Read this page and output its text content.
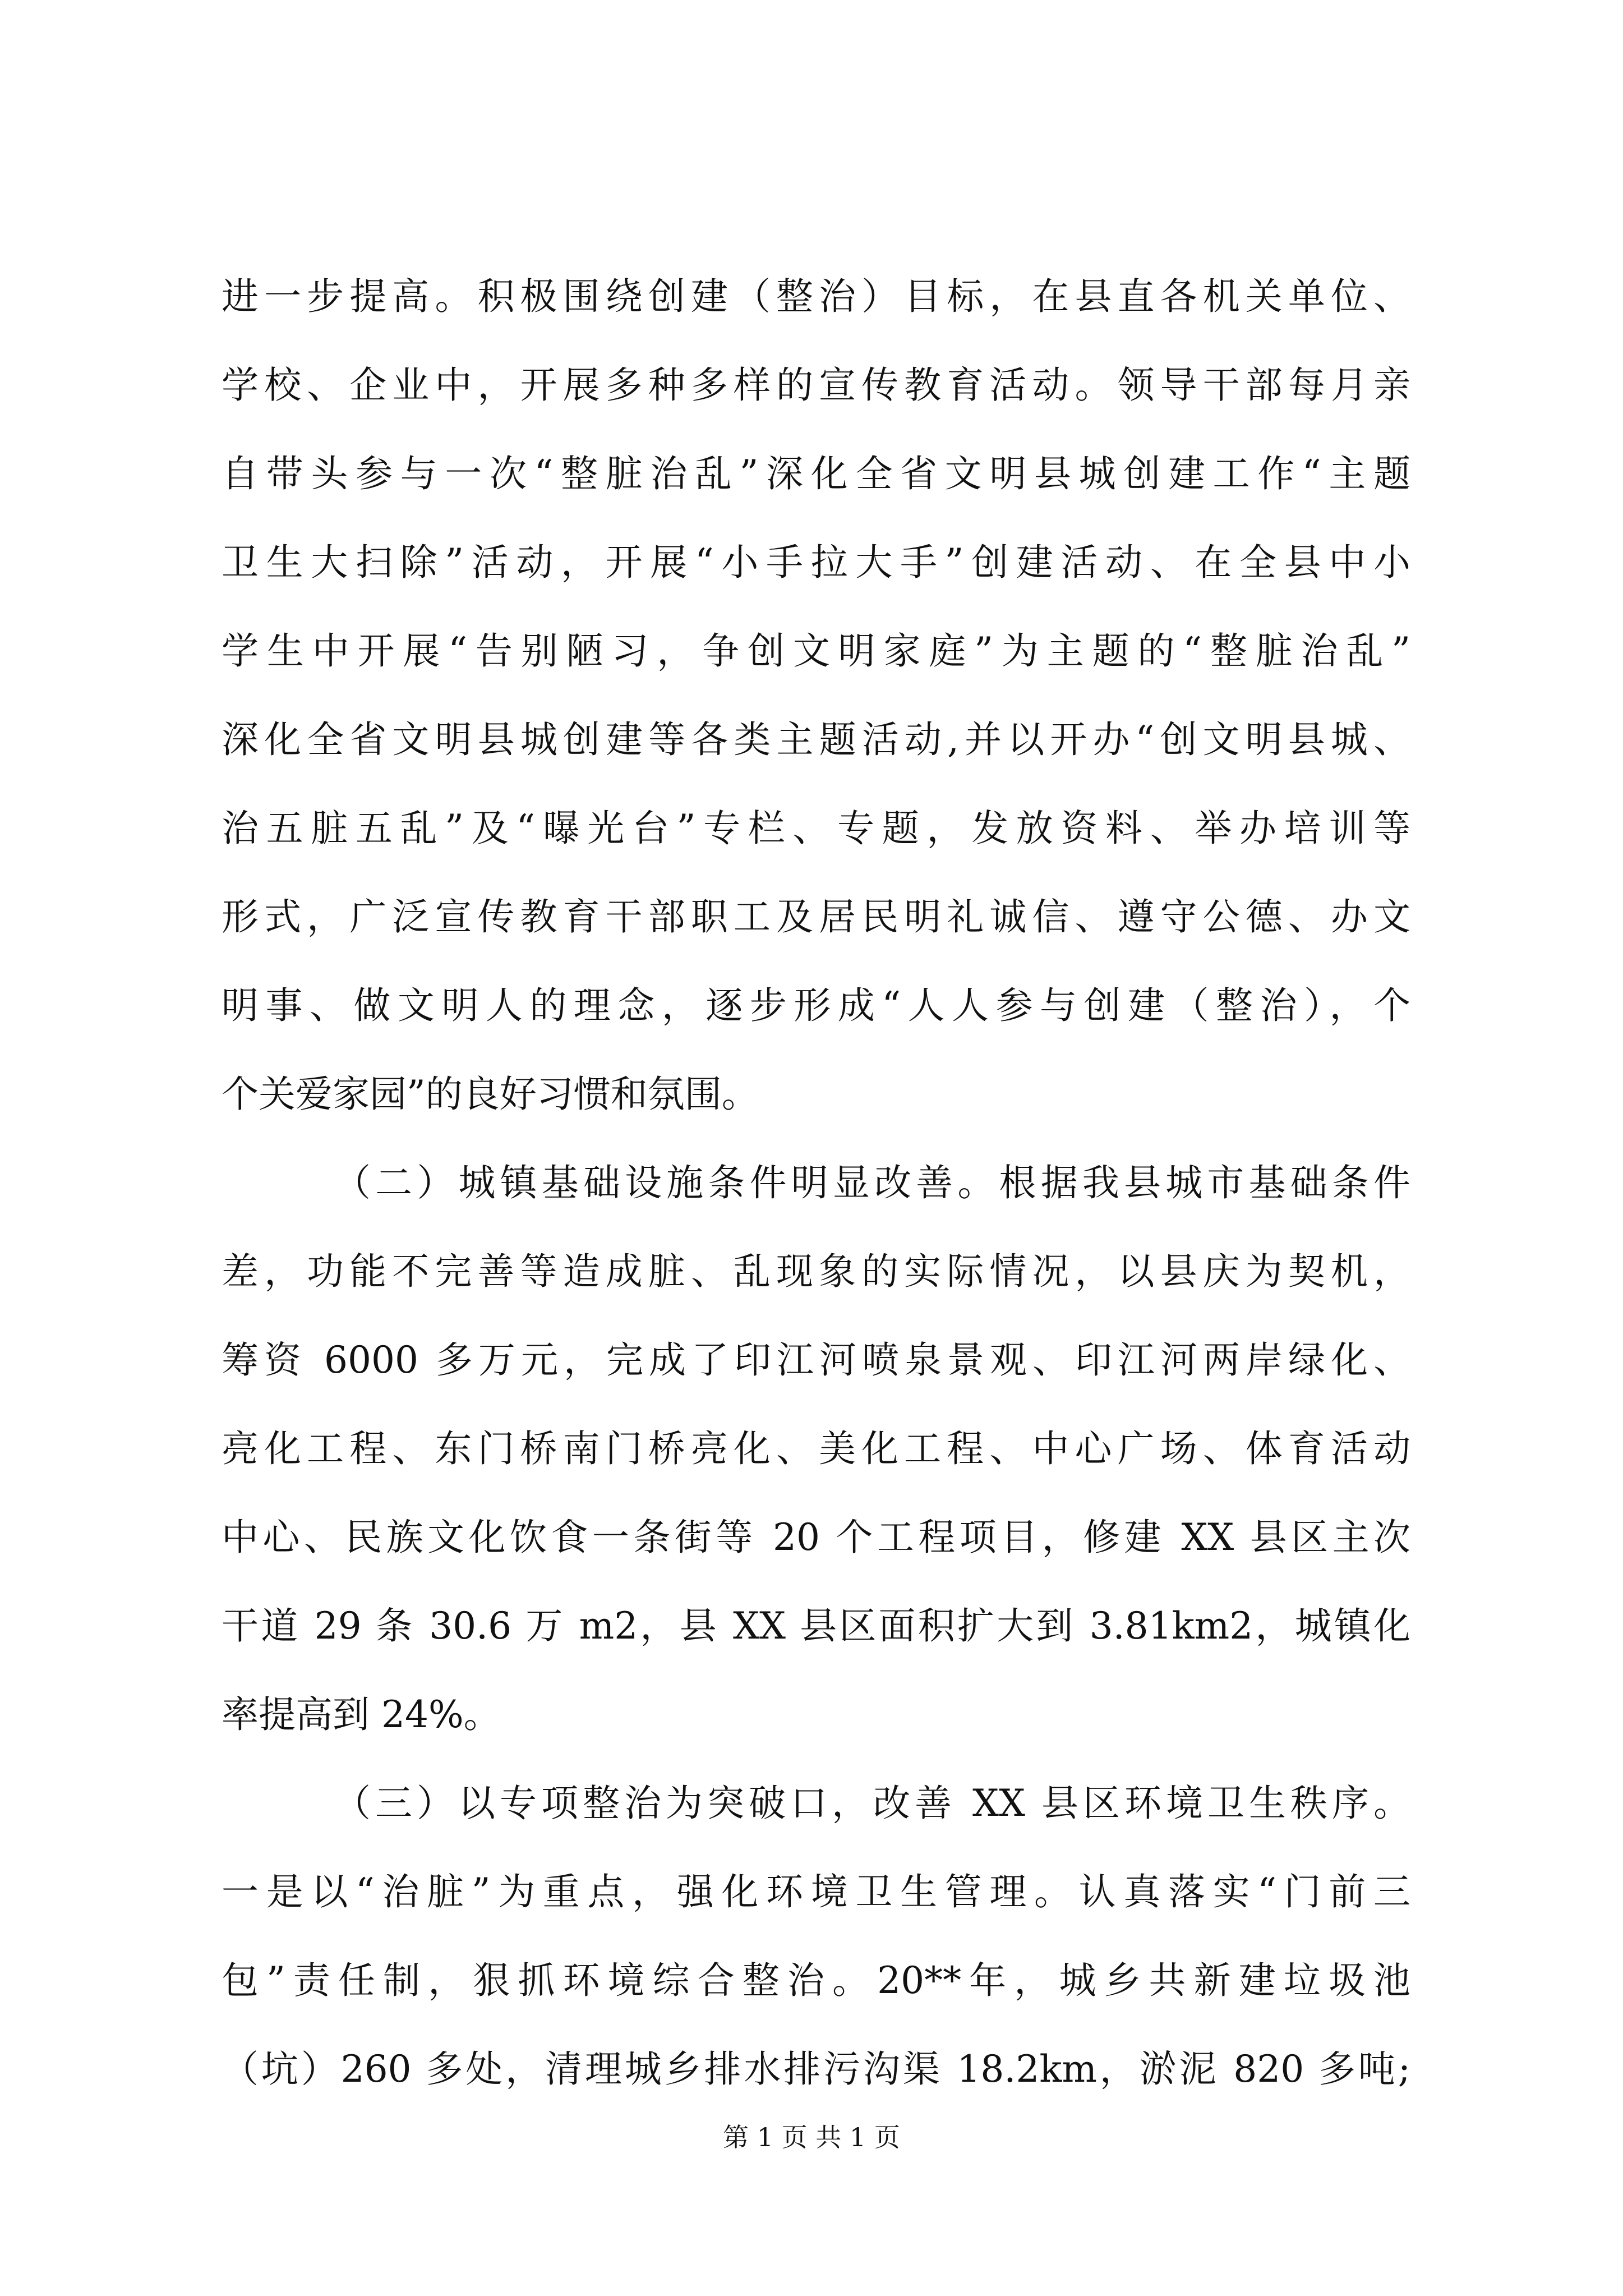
进一步提高。积极围绕创建（整治）目标，在县直各机关单位、
学校、企业中，开展多种多样的宣传教育活动。领导干部每月亲
自带头参与一次“整脏治乱”深化全省文明县城创建工作“主题
卫生大扫除”活动，开展“小手拉大手”创建活动、在全县中小
学生中开展“告别陋习，争创文明家庭”为主题的“整脏治乱”
深化全省文明县城创建等各类主题活动,并以开办“创文明县城、
治五脏五乱”及“曝光台”专栏、专题，发放资料、举办培训等
形式，广泛宣传教育干部职工及居民明礼诚信、遵守公德、办文
明事、做文明人的理念，逐步形成“人人参与创建（整治），个
个关爱家园”的良好习惯和氛围。
（二）城镇基础设施条件明显改善。根据我县城市基础条件
差，功能不完善等造成脏、乱现象的实际情况，以县庆为契机，
筹资 6000 多万元，完成了印江河喷泉景观、印江河两岸绿化、
亮化工程、东门桥南门桥亮化、美化工程、中心广场、体育活动
中心、民族文化饮食一条街等 20 个工程项目，修建 XX 县区主次
干道 29 条 30.6 万 m2，县 XX 县区面积扩大到 3.81km2，城镇化
率提高到 24%。
（三）以专项整治为突破口，改善 XX 县区环境卫生秩序。
一是以“治脏”为重点，强化环境卫生管理。认真落实“门前三
包”责任制，狠抓环境综合整治。20**年，城乡共新建垃圾池
（坑）260 多处，清理城乡排水排污沟渠 18.2km，淤泥 820 多吨;
第 1 页 共 1 页
